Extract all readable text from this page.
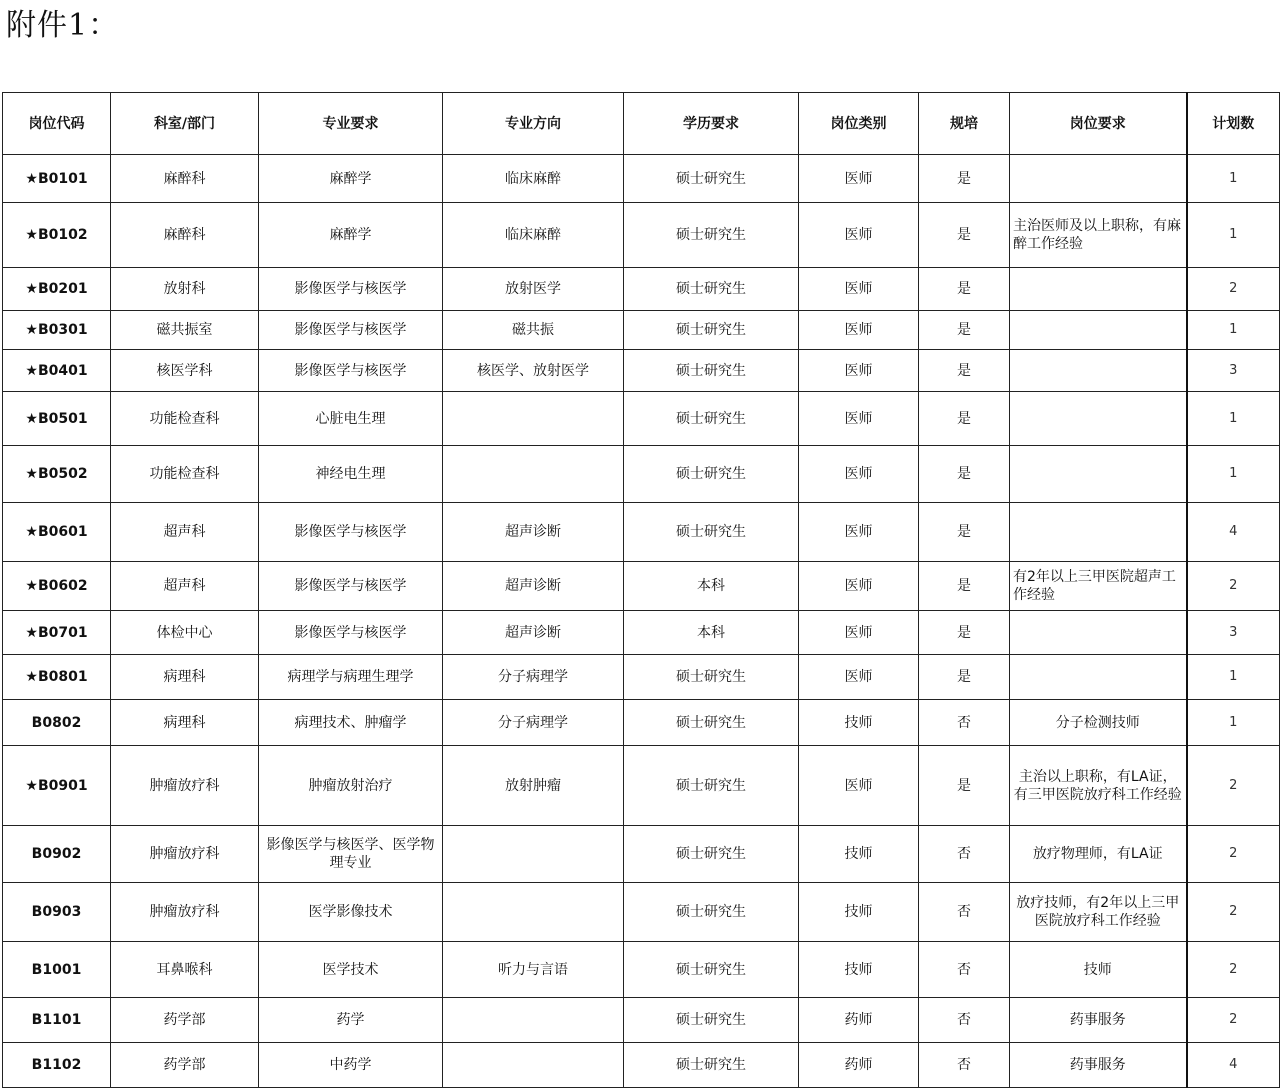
附件1：
岗位代码	科室/部门	专业要求	专业方向	学历要求	岗位类别	规培	岗位要求	计划数
★B0101	麻醉科	麻醉学	临床麻醉	硕士研究生	医师	是		1
★B0102	麻醉科	麻醉学	临床麻醉	硕士研究生	医师	是	主治医师及以上职称，有麻醉工作经验	1
★B0201	放射科	影像医学与核医学	放射医学	硕士研究生	医师	是		2
★B0301	磁共振室	影像医学与核医学	磁共振	硕士研究生	医师	是		1
★B0401	核医学科	影像医学与核医学	核医学、放射医学	硕士研究生	医师	是		3
★B0501	功能检查科	心脏电生理		硕士研究生	医师	是		1
★B0502	功能检查科	神经电生理		硕士研究生	医师	是		1
★B0601	超声科	影像医学与核医学	超声诊断	硕士研究生	医师	是		4
★B0602	超声科	影像医学与核医学	超声诊断	本科	医师	是	有2年以上三甲医院超声工作经验	2
★B0701	体检中心	影像医学与核医学	超声诊断	本科	医师	是		3
★B0801	病理科	病理学与病理生理学	分子病理学	硕士研究生	医师	是		1
B0802	病理科	病理技术、肿瘤学	分子病理学	硕士研究生	技师	否	分子检测技师	1
★B0901	肿瘤放疗科	肿瘤放射治疗	放射肿瘤	硕士研究生	医师	是	主治以上职称，有LA证，有三甲医院放疗科工作经验	2
B0902	肿瘤放疗科	影像医学与核医学、医学物理专业		硕士研究生	技师	否	放疗物理师，有LA证	2
B0903	肿瘤放疗科	医学影像技术		硕士研究生	技师	否	放疗技师，有2年以上三甲医院放疗科工作经验	2
B1001	耳鼻喉科	医学技术	听力与言语	硕士研究生	技师	否	技师	2
B1101	药学部	药学		硕士研究生	药师	否	药事服务	2
B1102	药学部	中药学		硕士研究生	药师	否	药事服务	4
